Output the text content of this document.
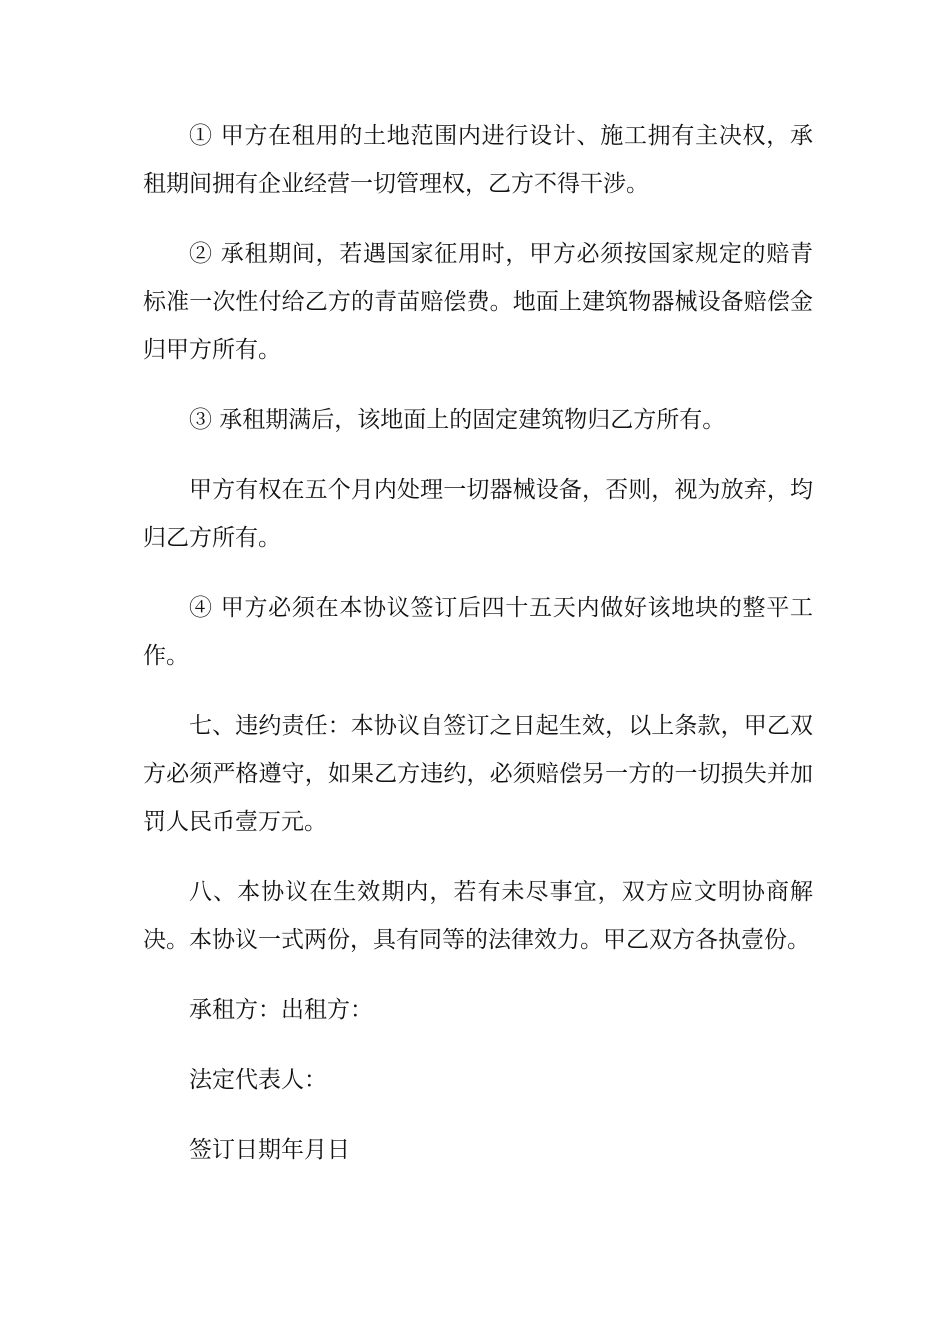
① 甲方在租用的土地范围内进行设计、施工拥有主决权，承租期间拥有企业经营一切管理权，乙方不得干涉。

② 承租期间，若遇国家征用时，甲方必须按国家规定的赔青标准一次性付给乙方的青苗赔偿费。地面上建筑物器械设备赔偿金归甲方所有。

③ 承租期满后，该地面上的固定建筑物归乙方所有。

甲方有权在五个月内处理一切器械设备，否则，视为放弃，均归乙方所有。

④ 甲方必须在本协议签订后四十五天内做好该地块的整平工作。

七、违约责任：本协议自签订之日起生效，以上条款，甲乙双方必须严格遵守，如果乙方违约，必须赔偿另一方的一切损失并加罚人民币壹万元。

八、本协议在生效期内，若有未尽事宜，双方应文明协商解决。本协议一式两份，具有同等的法律效力。甲乙双方各执壹份。

承租方：出租方：

法定代表人：

签订日期年月日
